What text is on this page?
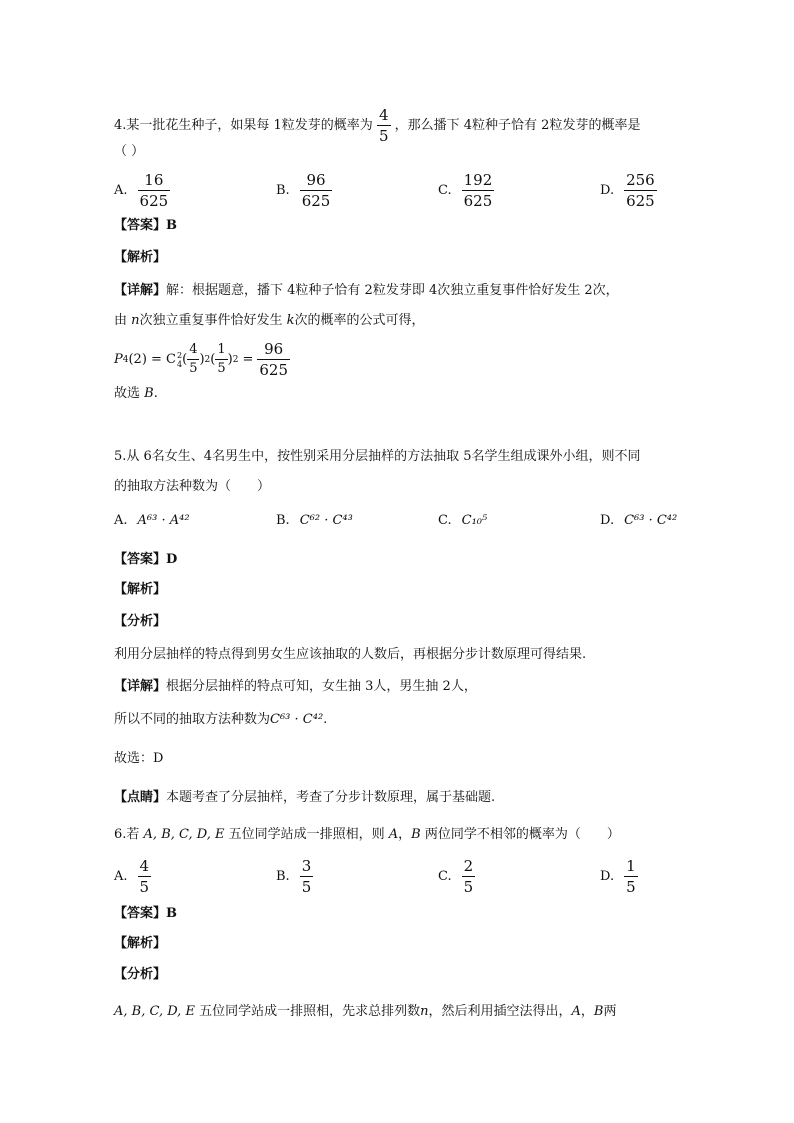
4.某一批花生种子，如果每 1粒发芽的概率为 $\frac{4}{5}$ ，那么播下 4粒种子恰有 2粒发芽的概率是
（ ）
A. $\frac{16}{625}$	B. $\frac{96}{625}$	C. $\frac{192}{625}$	D. $\frac{256}{625}$
【答案】B
【解析】
【详解】解：根据题意，播下 4粒种子恰有 2粒发芽即 4次独立重复事件恰好发生 2次，
由 n次独立重复事件恰好发生 k次的概率的公式可得，
P 4 (2) = C 2
4 ( $\frac{4}{5}$ ) 2 ( $\frac{1}{5}$ ) $2 = \frac{96}{625}$
故选 B.
5.从 6名女生、4名男生中，按性别采用分层抽样的方法抽取 5名学生组成课外小组，则不同
的抽取方法种数为（　　）
A. A⁶³ · A⁴²	B. C⁶² · C⁴³	C. C₁₀⁵	D. C⁶³ · C⁴²
【答案】D
【解析】
【分析】
利用分层抽样的特点得到男女生应该抽取的人数后，再根据分步计数原理可得结果.
【详解】根据分层抽样的特点可知，女生抽 3人，男生抽 2人，
所以不同的抽取方法种数为C⁶³ · C⁴².
故选：D
【点睛】本题考查了分层抽样，考查了分步计数原理，属于基础题.
6.若 A, B, C, D, E 五位同学站成一排照相，则 A，B 两位同学不相邻的概率为（　　）
A. $\frac{4}{5}$	B. $\frac{3}{5}$	C. $\frac{2}{5}$	D. $\frac{1}{5}$
【答案】B
【解析】
【分析】
A, B, C, D, E 五位同学站成一排照相，先求总排列数n，然后利用插空法得出，A，B两
